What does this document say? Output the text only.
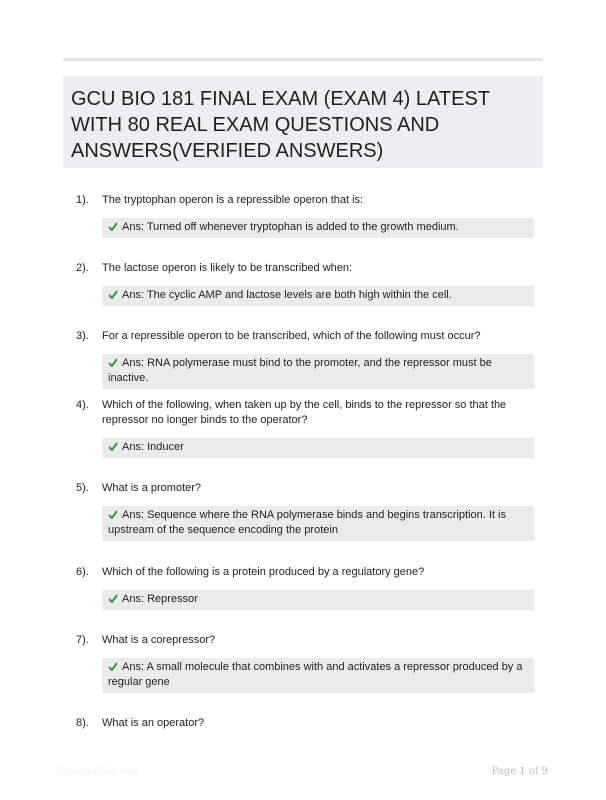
GCU BIO 181 FINAL EXAM (EXAM 4) LATEST WITH 80 REAL EXAM QUESTIONS AND ANSWERS(VERIFIED ANSWERS)
1). The tryptophan operon is a repressible operon that is:
Ans: Turned off whenever tryptophan is added to the growth medium.
2). The lactose operon is likely to be transcribed when:
Ans: The cyclic AMP and lactose levels are both high within the cell.
3). For a repressible operon to be transcribed, which of the following must occur?
Ans: RNA polymerase must bind to the promoter, and the repressor must be inactive.
4). Which of the following, when taken up by the cell, binds to the repressor so that the repressor no longer binds to the operator?
Ans: Inducer
5). What is a promoter?
Ans: Sequence where the RNA polymerase binds and begins transcription. It is upstream of the sequence encoding the protein
6). Which of the following is a protein produced by a regulatory gene?
Ans: Repressor
7). What is a corepressor?
Ans: A small molecule that combines with and activates a repressor produced by a regular gene
8). What is an operator?
Papertrailbio.com	Page 1 of 9
